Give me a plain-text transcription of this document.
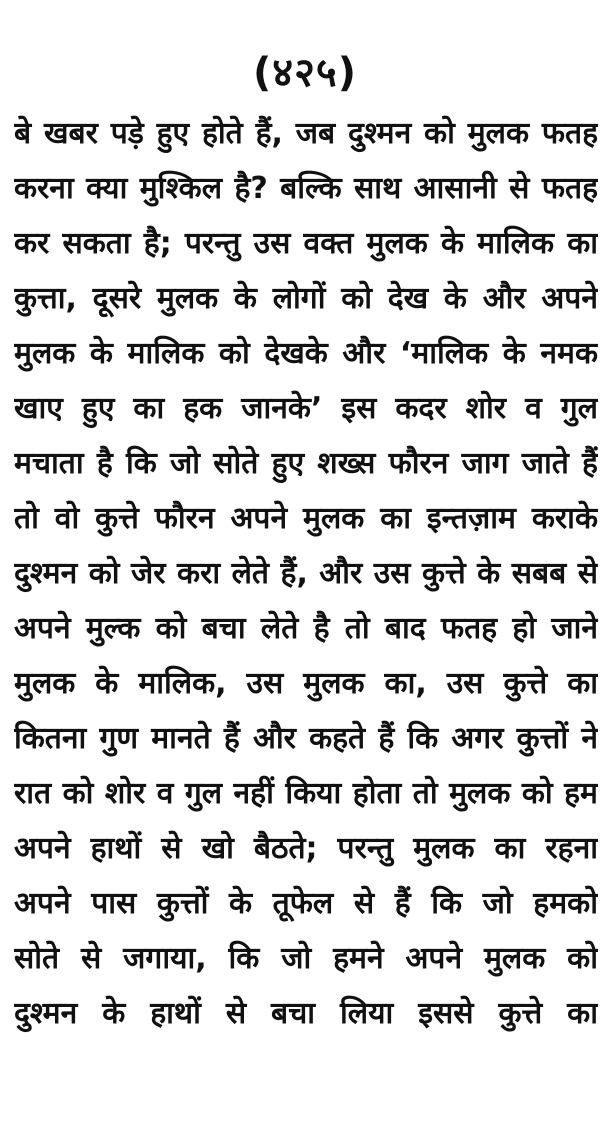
(४२५)
बे खबर पड़े हुए होते हैं, जब दुश्मन को मुलक फतह
करना क्या मुश्किल है? बल्कि साथ आसानी से फतह
कर सकता है; परन्तु उस वक्त मुलक के मालिक का
कुत्ता, दूसरे मुलक के लोगों को देख के और अपने
मुलक के मालिक को देखके और ‘मालिक के नमक
खाए हुए का हक जानके’ इस कदर शोर व गुल
मचाता है कि जो सोते हुए शख्स फौरन जाग जाते हैं
तो वो कुत्ते फौरन अपने मुलक का इन्तज़ाम कराके
दुश्मन को जेर करा लेते हैं, और उस कुत्ते के सबब से
अपने मुल्क को बचा लेते है तो बाद फतह हो जाने
मुलक के मालिक, उस मुलक का, उस कुत्ते का
कितना गुण मानते हैं और कहते हैं कि अगर कुत्तों ने
रात को शोर व गुल नहीं किया होता तो मुलक को हम
अपने हाथों से खो बैठते; परन्तु मुलक का रहना
अपने पास कुत्तों के तूफेल से हैं कि जो हमको
सोते से जगाया, कि जो हमने अपने मुलक को
दुश्मन के हाथों से बचा लिया इससे कुत्ते का
